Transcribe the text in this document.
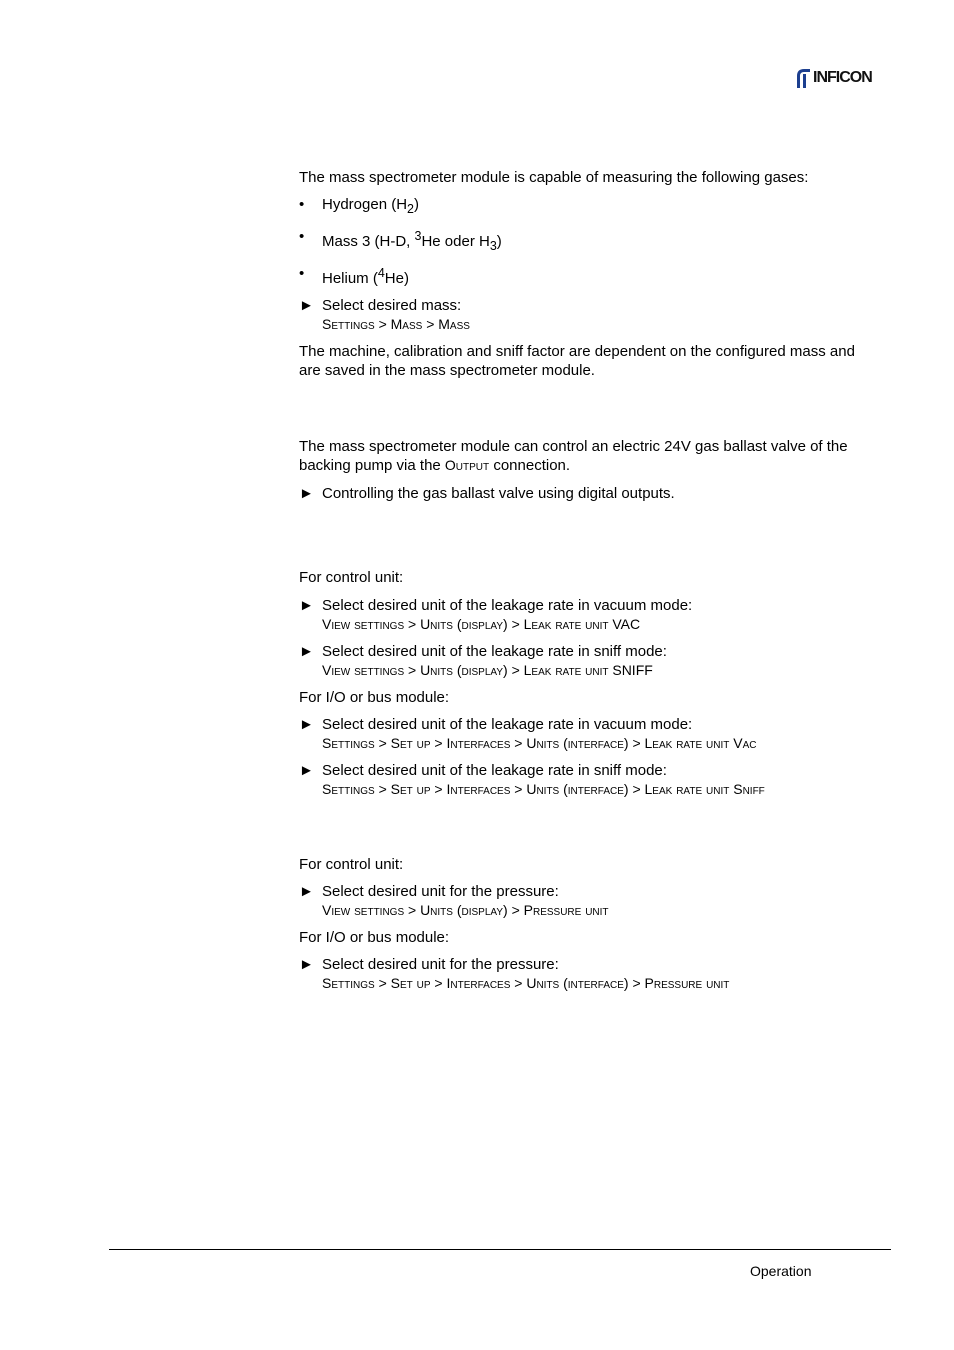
INFICON

The mass spectrometer module is capable of measuring the following gases:

• Hydrogen $(H_2)$
• Mass 3 (H-D, $^3$He oder $H_3$)
• Helium ($^4$He)
► Select desired mass:
Settings > Mass > Mass

The machine, calibration and sniff factor are dependent on the configured mass and
are saved in the mass spectrometer module.

The mass spectrometer module can control an electric 24V gas ballast valve of the
backing pump via the Output connection.

► Controlling the gas ballast valve using digital outputs.

For control unit:

► Select desired unit of the leakage rate in vacuum mode:
View settings > Units (display) > Leak rate unit VAC
► Select desired unit of the leakage rate in sniff mode:
View settings > Units (display) > Leak rate unit SNIFF

For I/O or bus module:

► Select desired unit of the leakage rate in vacuum mode:
Settings > Set up > Interfaces > Units (interface) > Leak rate unit Vac
► Select desired unit of the leakage rate in sniff mode:
Settings > Set up > Interfaces > Units (interface) > Leak rate unit Sniff

For control unit:

► Select desired unit for the pressure:
View settings > Units (display) > Pressure unit

For I/O or bus module:

► Select desired unit for the pressure:
Settings > Set up > Interfaces > Units (interface) > Pressure unit
Operation
